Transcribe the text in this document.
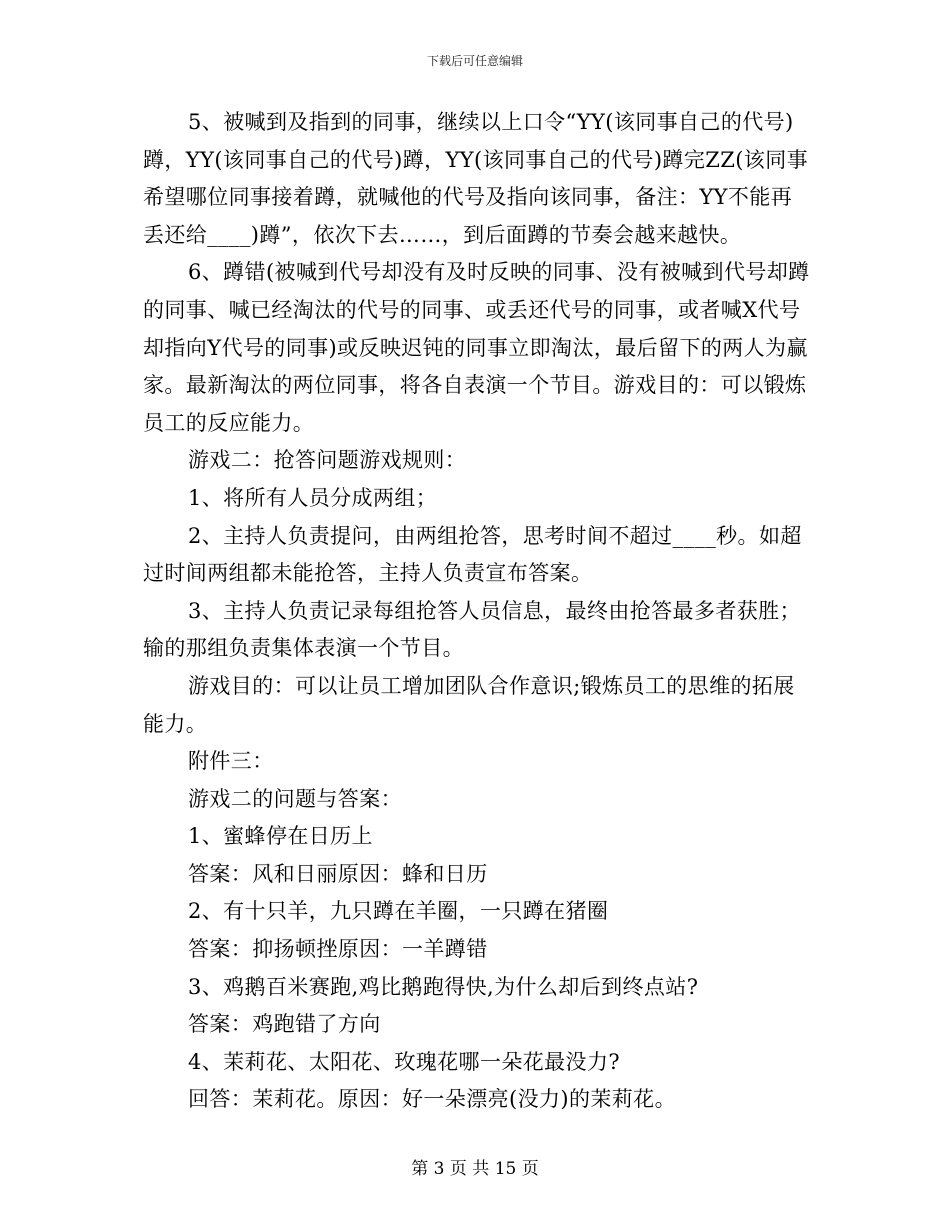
下载后可任意编辑

5、被喊到及指到的同事，继续以上口令“YY(该同事自己的代号)蹲，YY(该同事自己的代号)蹲，YY(该同事自己的代号)蹲完ZZ(该同事希望哪位同事接着蹲，就喊他的代号及指向该同事，备注：YY不能再丢还给____)蹲”，依次下去……，到后面蹲的节奏会越来越快。

6、蹲错(被喊到代号却没有及时反映的同事、没有被喊到代号却蹲的同事、喊已经淘汰的代号的同事、或丢还代号的同事，或者喊X代号却指向Y代号的同事)或反映迟钝的同事立即淘汰，最后留下的两人为赢家。最新淘汰的两位同事，将各自表演一个节目。游戏目的：可以锻炼员工的反应能力。

游戏二：抢答问题游戏规则：

1、将所有人员分成两组；

2、主持人负责提问，由两组抢答，思考时间不超过____秒。如超过时间两组都未能抢答，主持人负责宣布答案。

3、主持人负责记录每组抢答人员信息，最终由抢答最多者获胜；输的那组负责集体表演一个节目。

游戏目的：可以让员工增加团队合作意识;锻炼员工的思维的拓展能力。

附件三：

游戏二的问题与答案：

1、蜜蜂停在日历上

答案：风和日丽原因：蜂和日历

2、有十只羊，九只蹲在羊圈，一只蹲在猪圈

答案：抑扬顿挫原因：一羊蹲错

3、鸡鹅百米赛跑,鸡比鹅跑得快,为什么却后到终点站?

答案：鸡跑错了方向

4、茉莉花、太阳花、玫瑰花哪一朵花最没力?

回答：茉莉花。原因：好一朵漂亮(没力)的茉莉花。

第 3 页 共 15 页
